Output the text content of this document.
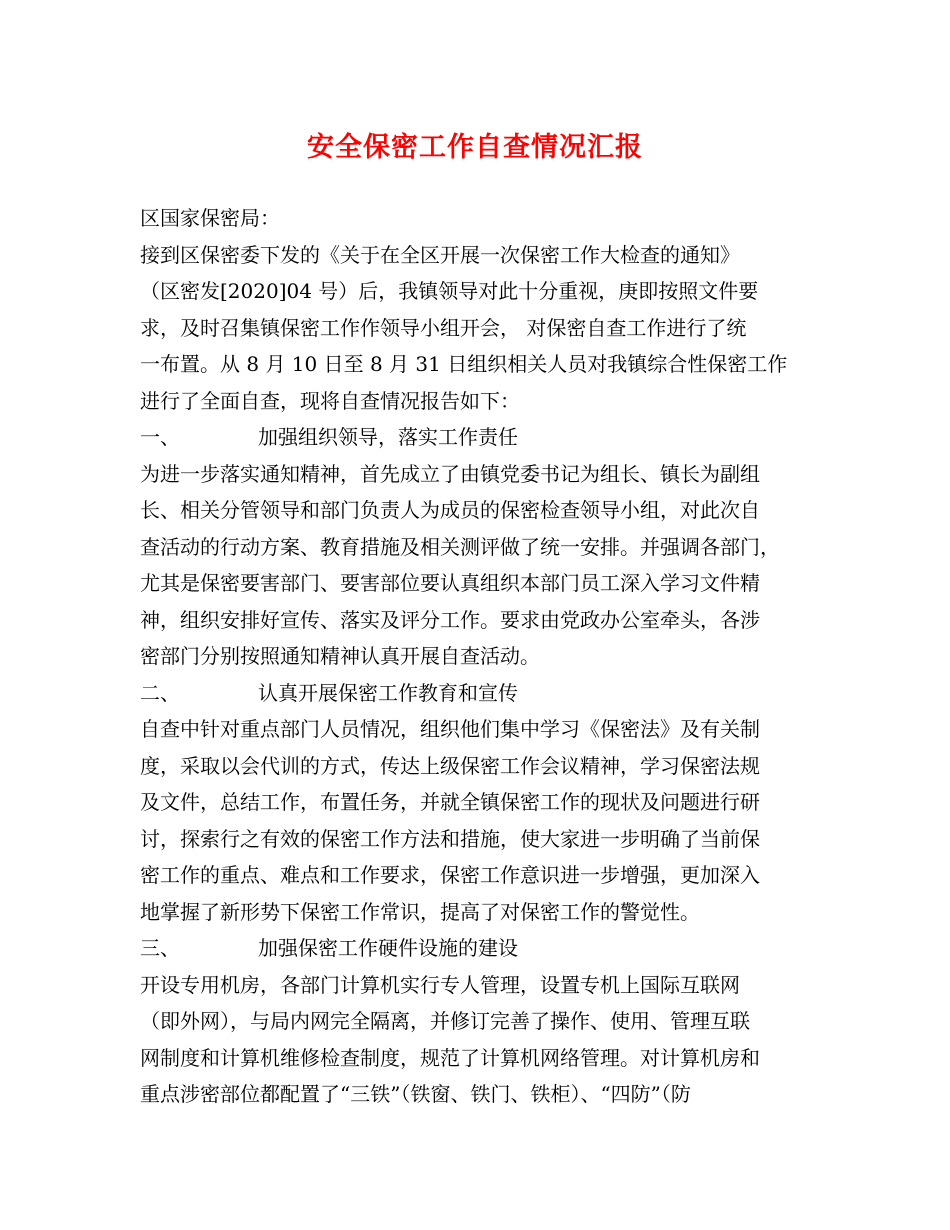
安全保密工作自查情况汇报
区国家保密局：
接到区保密委下发的《关于在全区开展一次保密工作大检查的通知》
（区密发[2020]04 号）后，我镇领导对此十分重视，庚即按照文件要
求，及时召集镇保密工作作领导小组开会， 对保密自查工作进行了统
一布置。从 8 月 10 日至 8 月 31 日组织相关人员对我镇综合性保密工作
进行了全面自查，现将自查情况报告如下：
一、	加强组织领导，落实工作责任
为进一步落实通知精神，首先成立了由镇党委书记为组长、镇长为副组
长、相关分管领导和部门负责人为成员的保密检查领导小组，对此次自
查活动的行动方案、教育措施及相关测评做了统一安排。并强调各部门，
尤其是保密要害部门、要害部位要认真组织本部门员工深入学习文件精
神，组织安排好宣传、落实及评分工作。要求由党政办公室牵头，各涉
密部门分别按照通知精神认真开展自查活动。
二、	认真开展保密工作教育和宣传
自查中针对重点部门人员情况，组织他们集中学习《保密法》及有关制
度，采取以会代训的方式，传达上级保密工作会议精神，学习保密法规
及文件，总结工作，布置任务，并就全镇保密工作的现状及问题进行研
讨，探索行之有效的保密工作方法和措施，使大家进一步明确了当前保
密工作的重点、难点和工作要求，保密工作意识进一步增强，更加深入
地掌握了新形势下保密工作常识，提高了对保密工作的警觉性。
三、	加强保密工作硬件设施的建设
开设专用机房，各部门计算机实行专人管理，设置专机上国际互联网
（即外网），与局内网完全隔离，并修订完善了操作、使用、管理互联
网制度和计算机维修检查制度，规范了计算机网络管理。对计算机房和
重点涉密部位都配置了“三铁”（铁窗、铁门、铁柜）、“四防”（防
